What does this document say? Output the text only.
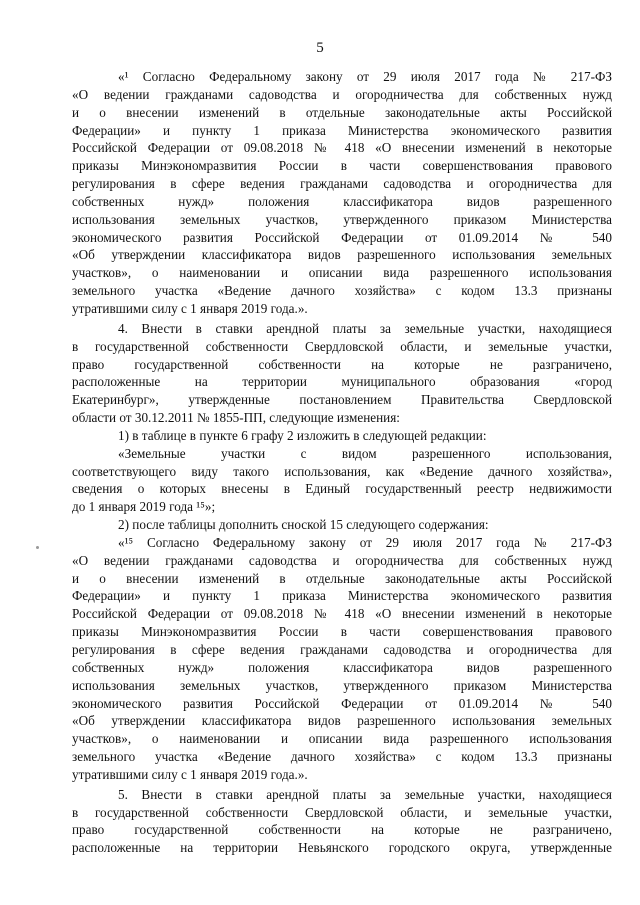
5
«¹ Согласно Федеральному закону от 29 июля 2017 года № 217-ФЗ
«О ведении гражданами садоводства и огородничества для собственных нужд
и о внесении изменений в отдельные законодательные акты Российской
Федерации» и пункту 1 приказа Министерства экономического развития
Российской Федерации от 09.08.2018 № 418 «О внесении изменений в некоторые
приказы Минэкономразвития России в части совершенствования правового
регулирования в сфере ведения гражданами садоводства и огородничества для
собственных нужд» положения классификатора видов разрешенного
использования земельных участков, утвержденного приказом Министерства
экономического развития Российской Федерации от 01.09.2014 № 540
«Об утверждении классификатора видов разрешенного использования земельных
участков», о наименовании и описании вида разрешенного использования
земельного участка «Ведение дачного хозяйства» с кодом 13.3 признаны
утратившими силу с 1 января 2019 года.».
4. Внести в ставки арендной платы за земельные участки, находящиеся
в государственной собственности Свердловской области, и земельные участки,
право государственной собственности на которые не разграничено,
расположенные на территории муниципального образования «город
Екатеринбург», утвержденные постановлением Правительства Свердловской
области от 30.12.2011 № 1855-ПП, следующие изменения:
1) в таблице в пункте 6 графу 2 изложить в следующей редакции:
«Земельные участки с видом разрешенного использования,
соответствующего виду такого использования, как «Ведение дачного хозяйства»,
сведения о которых внесены в Единый государственный реестр недвижимости
до 1 января 2019 года ¹⁵»;
2) после таблицы дополнить сноской 15 следующего содержания:
«¹⁵ Согласно Федеральному закону от 29 июля 2017 года № 217-ФЗ
«О ведении гражданами садоводства и огородничества для собственных нужд
и о внесении изменений в отдельные законодательные акты Российской
Федерации» и пункту 1 приказа Министерства экономического развития
Российской Федерации от 09.08.2018 № 418 «О внесении изменений в некоторые
приказы Минэкономразвития России в части совершенствования правового
регулирования в сфере ведения гражданами садоводства и огородничества для
собственных нужд» положения классификатора видов разрешенного
использования земельных участков, утвержденного приказом Министерства
экономического развития Российской Федерации от 01.09.2014 № 540
«Об утверждении классификатора видов разрешенного использования земельных
участков», о наименовании и описании вида разрешенного использования
земельного участка «Ведение дачного хозяйства» с кодом 13.3 признаны
утратившими силу с 1 января 2019 года.».
5. Внести в ставки арендной платы за земельные участки, находящиеся
в государственной собственности Свердловской области, и земельные участки,
право государственной собственности на которые не разграничено,
расположенные на территории Невьянского городского округа, утвержденные
